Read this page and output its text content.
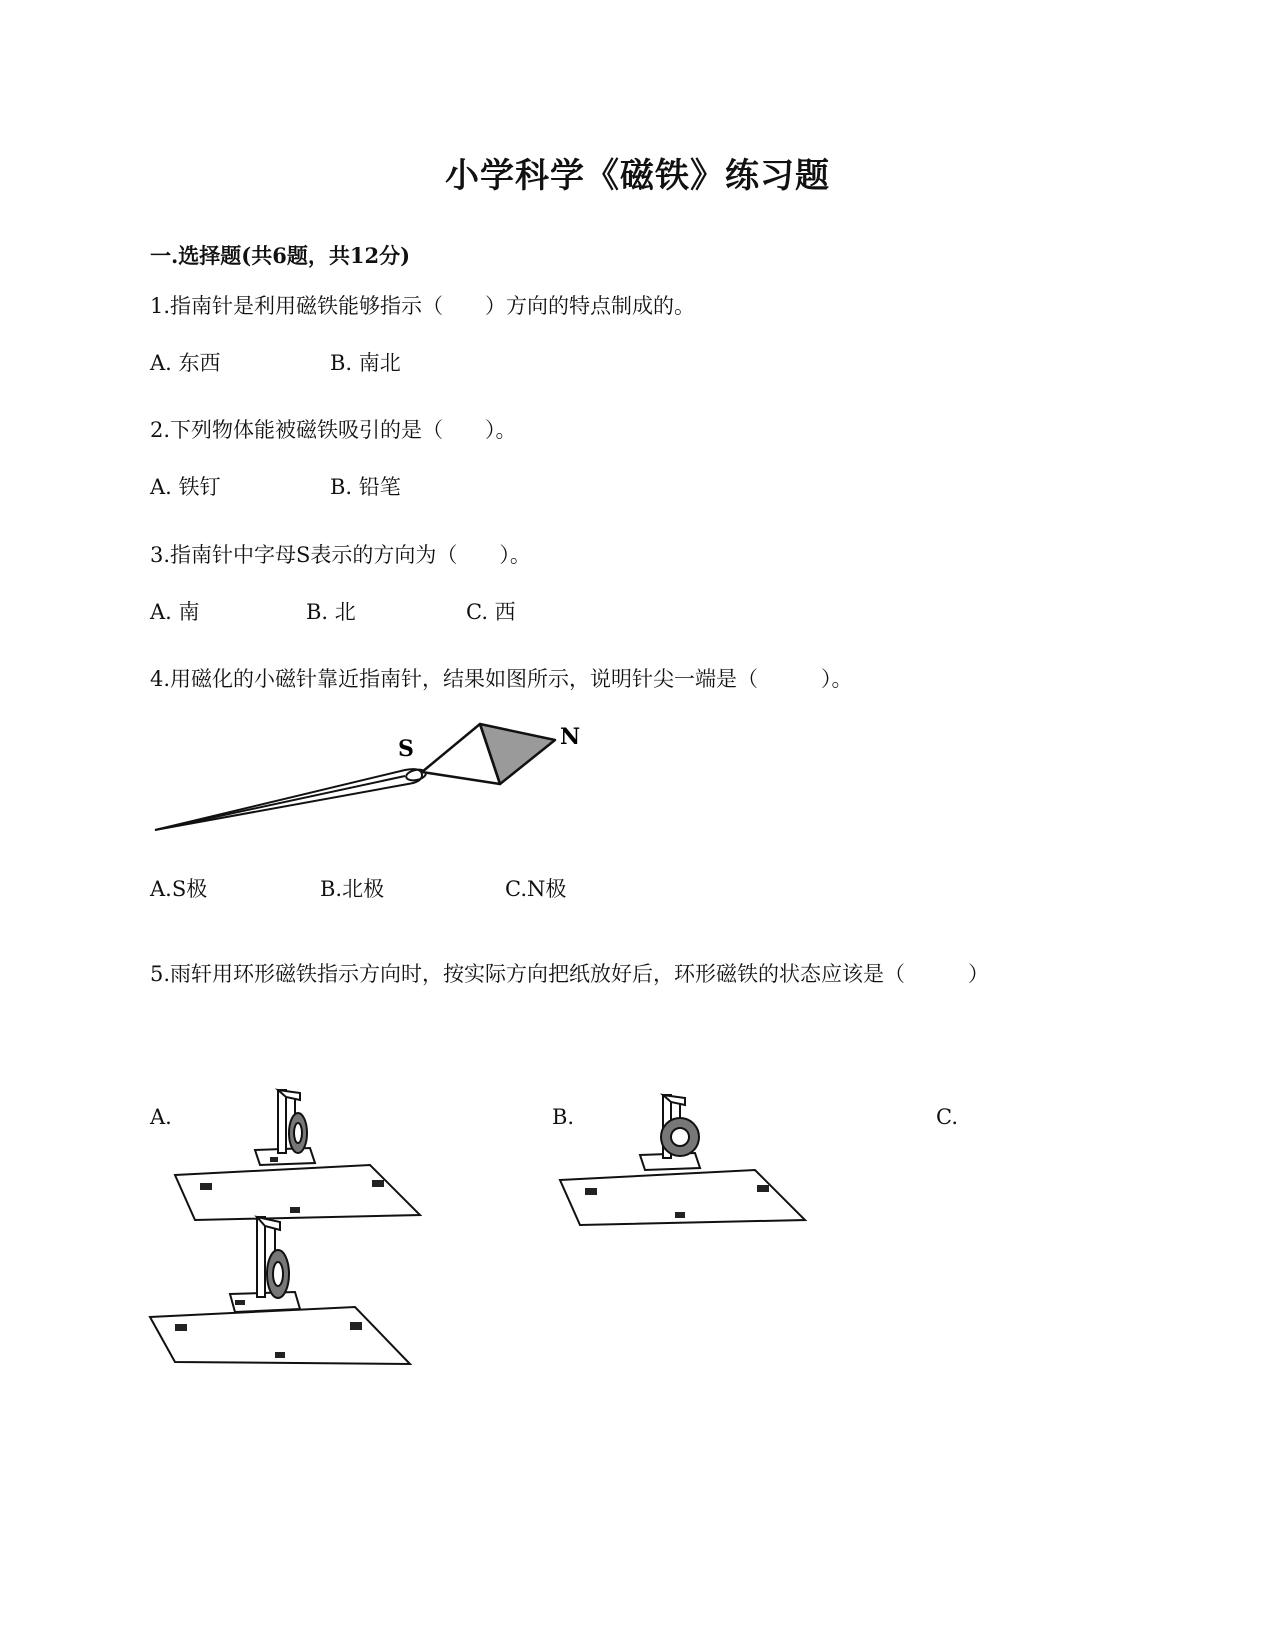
小学科学《磁铁》练习题
一.选择题(共6题，共12分)
1.指南针是利用磁铁能够指示（　　）方向的特点制成的。
A. 东西	B. 南北
2.下列物体能被磁铁吸引的是（　　）。
A. 铁钉	B. 铅笔
3.指南针中字母S表示的方向为（　　）。
A. 南	B. 北	C. 西
4.用磁化的小磁针靠近指南针，结果如图所示，说明针尖一端是（　　　）。
S	N
A.S极	B.北极	C.N极
5.雨轩用环形磁铁指示方向时，按实际方向把纸放好后，环形磁铁的状态应该是（　　　）
A.	B.	C.
